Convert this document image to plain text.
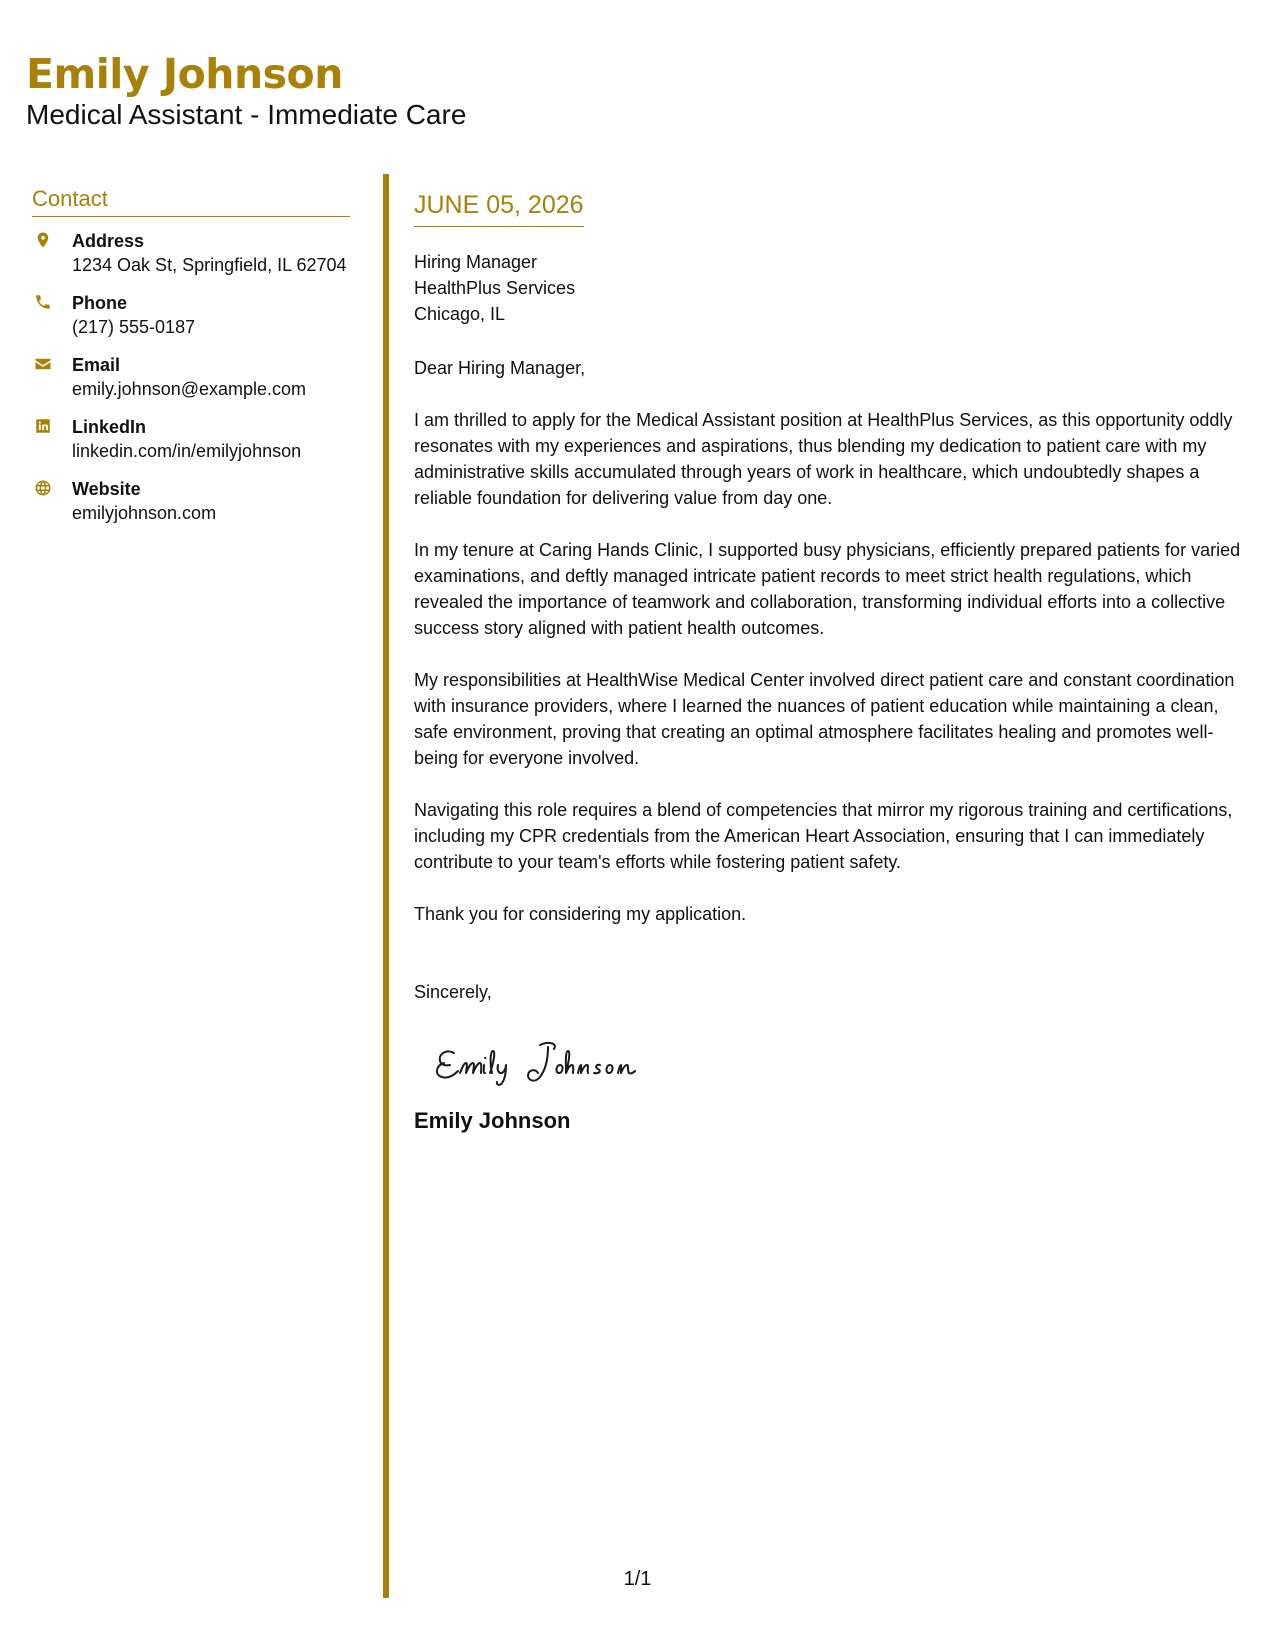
Emily Johnson
Medical Assistant - Immediate Care
Contact
Address
1234 Oak St, Springfield, IL 62704
Phone
(217) 555-0187
Email
emily.johnson@example.com
LinkedIn
linkedin.com/in/emilyjohnson
Website
emilyjohnson.com
JUNE 05, 2026
Hiring Manager
HealthPlus Services
Chicago, IL
Dear Hiring Manager,
I am thrilled to apply for the Medical Assistant position at HealthPlus Services, as this opportunity oddly resonates with my experiences and aspirations, thus blending my dedication to patient care with my administrative skills accumulated through years of work in healthcare, which undoubtedly shapes a reliable foundation for delivering value from day one.
In my tenure at Caring Hands Clinic, I supported busy physicians, efficiently prepared patients for varied examinations, and deftly managed intricate patient records to meet strict health regulations, which revealed the importance of teamwork and collaboration, transforming individual efforts into a collective success story aligned with patient health outcomes.
My responsibilities at HealthWise Medical Center involved direct patient care and constant coordination with insurance providers, where I learned the nuances of patient education while maintaining a clean, safe environment, proving that creating an optimal atmosphere facilitates healing and promotes well-being for everyone involved.
Navigating this role requires a blend of competencies that mirror my rigorous training and certifications, including my CPR credentials from the American Heart Association, ensuring that I can immediately contribute to your team's efforts while fostering patient safety.
Thank you for considering my application.
Sincerely,
Emily Johnson
1/1
